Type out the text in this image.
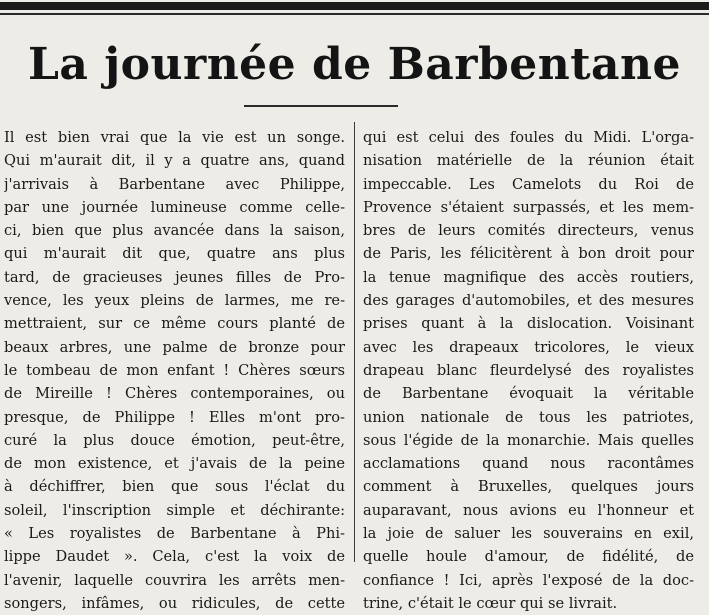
La journée de Barbentane
Il est bien vrai que la vie est un songe.
Qui m'aurait dit, il y a quatre ans, quand
j'arrivais à Barbentane avec Philippe,
par une journée lumineuse comme celle-
ci, bien que plus avancée dans la saison,
qui m'aurait dit que, quatre ans plus
tard, de gracieuses jeunes filles de Pro-
vence, les yeux pleins de larmes, me re-
mettraient, sur ce même cours planté de
beaux arbres, une palme de bronze pour
le tombeau de mon enfant ! Chères sœurs
de Mireille ! Chères contemporaines, ou
presque, de Philippe ! Elles m'ont pro-
curé la plus douce émotion, peut-être,
de mon existence, et j'avais de la peine
à déchiffrer, bien que sous l'éclat du
soleil, l'inscription simple et déchirante:
« Les royalistes de Barbentane à Phi-
lippe Daudet ». Cela, c'est la voix de
l'avenir, laquelle couvrira les arrêts men-
songers, infâmes, ou ridicules, de cette
qui est celui des foules du Midi. L'orga-
nisation matérielle de la réunion était
impeccable. Les Camelots du Roi de
Provence s'étaient surpassés, et les mem-
bres de leurs comités directeurs, venus
de Paris, les félicitèrent à bon droit pour
la tenue magnifique des accès routiers,
des garages d'automobiles, et des mesures
prises quant à la dislocation. Voisinant
avec les drapeaux tricolores, le vieux
drapeau blanc fleurdelysé des royalistes
de Barbentane évoquait la véritable
union nationale de tous les patriotes,
sous l'égide de la monarchie. Mais quelles
acclamations quand nous racontâmes
comment à Bruxelles, quelques jours
auparavant, nous avions eu l'honneur et
la joie de saluer les souverains en exil,
quelle houle d'amour, de fidélité, de
confiance ! Ici, après l'exposé de la doc-
trine, c'était le cœur qui se livrait.
